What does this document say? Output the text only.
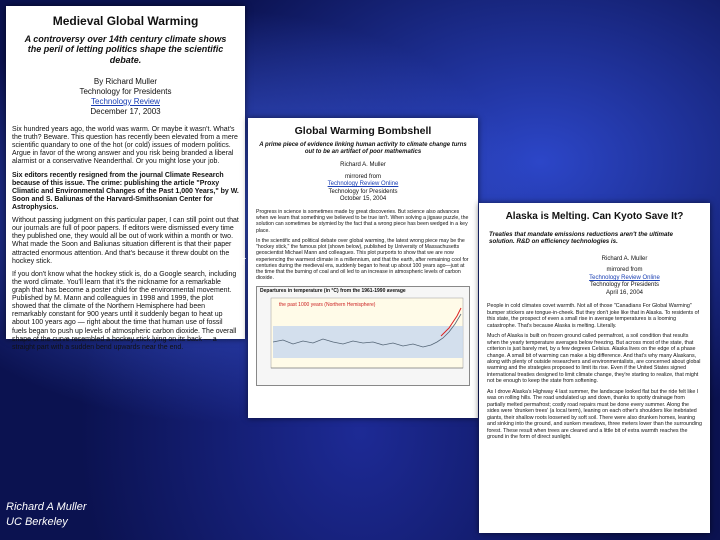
Medieval Global Warming
A controversy over 14th century climate shows the peril of letting politics shape the scientific debate.
By Richard Muller
Technology for Presidents
Technology Review
December 17, 2003

Six hundred years ago, the world was warm. Or maybe it wasn't. What's the truth? Beware. This question has recently been elevated from a mere scientific quandary to one of the hot (or cold) issues of modern politics. Argue in favor of the wrong answer and you risk being branded a liberal alarmist or a conservative Neanderthal. Or you might lose your job.

Six editors recently resigned from the journal Climate Research because of this issue. The crime: publishing the article "Proxy Climatic and Environmental Changes of the Past 1,000 Years," by W. Soon and S. Baliunas of the Harvard-Smithsonian Center for Astrophysics.

Without passing judgment on this particular paper, I can still point out that our journals are full of poor papers. If editors were dismissed every time they published one, they would all be out of work within a month or two. What made the Soon and Baliunas situation different is that their paper attracted enormous attention. And that's because it threw doubt on the hockey stick.

If you don't know what the hockey stick is, do a Google search, including the word climate. You'll learn that it's the nickname for a remarkable graph that has become a poster child for the environmental movement. Published by M. Mann and colleagues in 1998 and 1999, the plot showed that the climate of the Northern Hemisphere had been remarkably constant for 900 years until it suddenly began to heat up about 100 years ago — right about the time that human use of fossil fuels began to push up levels of atmospheric carbon dioxide. The overall shape of the curve resembled a hockey stick lying on its back — a straight part with a sudden bend upwards near the end.

Global Warming Bombshell
A prime piece of evidence linking human activity to climate change turns out to be an artifact of poor mathematics
Richard A. Muller
mirrored from
Technology Review Online
Technology for Presidents
October 15, 2004

Progress in science is sometimes made by great discoveries. But science also advances when we learn that something we believed to be true isn't. When solving a jigsaw puzzle, the solution can sometimes be stymied by the fact that a wrong piece has been wedged in a key place.

In the scientific and political debate over global warming, the latest wrong piece may be the "hockey stick," the famous plot (shown below), published by University of Massachusetts geoscientist Michael Mann and colleagues. This plot purports to show that we are now experiencing the warmest climate in a millennium, and that the earth, after remaining cool for centuries during the medieval era, suddenly began to heat up about 100 years ago—just at the time that the burning of coal and oil led to an increase in atmospheric levels of carbon dioxide.

Departures in temperature (in °C) from the 1961-1990 average
the past 1000 years (Northern Hemisphere)
Alaska is Melting. Can Kyoto Save It?
Treaties that mandate emissions reductions aren't the ultimate solution. R&D on efficiency technologies is.
Richard A. Muller
mirrored from
Technology Review Online
Technology for Presidents
April 16, 2004

People in cold climates covet warmth. Not all of those "Canadians For Global Warming" bumper stickers are tongue-in-cheek. But they don't joke like that in Alaska. To residents of this state, the prospect of even a small rise in average temperatures is a looming catastrophe. That's because Alaska is melting. Literally.

Much of Alaska is built on frozen ground called permafrost, a soil condition that results when the yearly temperature averages below freezing. But across most of the state, that criterion is just barely met, by a few degrees Celsius. Alaska lives on the edge of a phase change. A small bit of warming can make a big difference. And that's why many Alaskans, along with plenty of outside researchers and environmentalists, are concerned about global warming and the strategies proposed to limit its rise. Even if the United States signed international treaties designed to limit climate change, they're starting to realize, that might not be enough to keep the state from softening.

As I drove Alaska's Highway 4 last summer, the landscape looked flat but the ride felt like I was on rolling hills. The road undulated up and down, thanks to spotty drainage from partially melted permafrost; costly road repairs must be done every summer. Along the sides were 'drunken trees' (a local term), leaning on each other's shoulders like inebriated giants, their shallow roots loosened by soft soil. There were also drunken homes, leaning and sinking into the ground, and sunken meadows, three meters lower than the surrounding forest. These result when trees are cleared and a little bit of extra warmth reaches the ground in the form of direct sunlight.

T
Richard A Muller
UC Berkeley
